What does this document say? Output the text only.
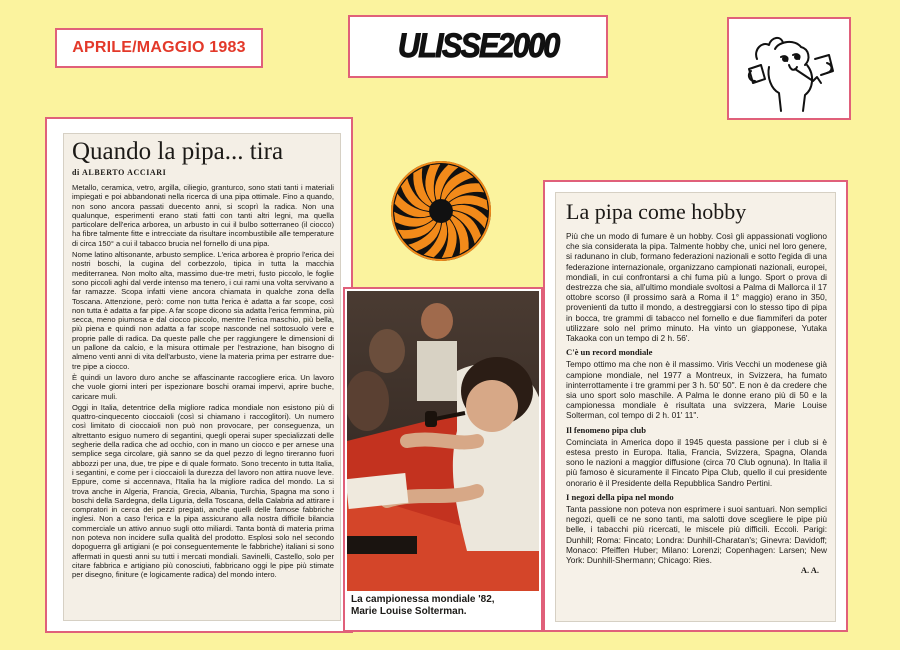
APRILE/MAGGIO 1983	ULISSE2000
Quando la pipa... tira
di ALBERTO ACCIARI

Metallo, ceramica, vetro, argilla, ciliegio, granturco, sono stati tanti i materiali impiegati e poi abbandonati nella ricerca di una pipa ottimale. Fino a quando, non sono ancora passati duecento anni, si scoprì la radica. Non una qualunque, esperimenti erano stati fatti con tanti altri legni, ma quella particolare dell'erica arborea, un arbusto in cui il bulbo sotterraneo (il ciocco) ha fibre talmente fitte e intrecciate da risultare incombustibile alle temperature di circa 150° a cui il tabacco brucia nel fornello di una pipa.

Nome latino altisonante, arbusto semplice. L'erica arborea è proprio l'erica dei nostri boschi, la cugina del corbezzolo, tipica in tutta la macchia mediterranea. Non molto alta, massimo due-tre metri, fusto piccolo, le foglie sono piccoli aghi dal verde intenso ma tenero, i cui rami una volta servivano a far ramazze. Scopa infatti viene ancora chiamata in qualche zona della Toscana. Attenzione, però: come non tutta l'erica è adatta a far scope, così non tutta è adatta a far pipe. A far scope dicono sia adatta l'erica femmina, più secca, meno piumosa e dal ciocco piccolo, mentre l'erica maschio, più bella, più piena e quindi non adatta a far scope nasconde nel sottosuolo vere e proprie palle di radica. Da queste palle che per raggiungere le dimensioni di un pallone da calcio, e la misura ottimale per l'estrazione, han bisogno di almeno venti anni di vita dell'arbusto, viene la materia prima per estrarre due-tre pipe a ciocco.

È quindi un lavoro duro anche se affascinante raccogliere erica. Un lavoro che vuole giorni interi per ispezionare boschi oramai impervi, aprire buche, caricare muli.

Oggi in Italia, detentrice della migliore radica mondiale non esistono più di quattro-cinquecento cioccaioli (così si chiamano i raccoglitori). Un numero così limitato di cioccaioli non può non provocare, per conseguenza, un altrettanto esiguo numero di segantini, quegli operai super specializzati delle segherie della radica che ad occhio, con in mano un ciocco e per arnese una semplice sega circolare, già sanno se da quel pezzo di legno tireranno fuori abbozzi per una, due, tre pipe e di quale formato. Sono trecento in tutta Italia, i segantini, e come per i cioccaioli la durezza del lavoro non attira nuove leve. Eppure, come si accennava, l'Italia ha la migliore radica del mondo. La si trova anche in Algeria, Francia, Grecia, Albania, Turchia, Spagna ma sono i boschi della Sardegna, della Liguria, della Toscana, della Calabria ad attirare i compratori in cerca dei pezzi pregiati, anche quelli delle famose fabbriche inglesi. Non a caso l'erica e la pipa assicurano alla nostra difficile bilancia commerciale un attivo annuo sugli otto miliardi. Tanta bontà di materia prima non poteva non incidere sulla qualità del prodotto. Esplosi solo nel secondo dopoguerra gli artigiani (e poi conseguentemente le fabbriche) italiani si sono affermati in questi anni su tutti i mercati mondiali. Savinelli, Castello, solo per citare fabbrica e artigiano più conosciuti, fabbricano oggi le pipe più stimate per disegno, finiture (e logicamente radica) del mondo intero.

La campionessa mondiale '82,
Marie Louise Solterman.
La pipa come hobby

Più che un modo di fumare è un hobby. Così gli appassionati vogliono che sia considerata la pipa. Talmente hobby che, unici nel loro genere, si radunano in club, formano federazioni nazionali e sotto l'egida di una federazione internazionale, organizzano campionati nazionali, europei, mondiali, in cui confrontarsi a chi fuma più a lungo. Sport o prova di destrezza che sia, all'ultimo mondiale svoltosi a Palma di Mallorca il 17 ottobre scorso (il prossimo sarà a Roma il 1° maggio) erano in 350, provenienti da tutto il mondo, a destreggiarsi con lo stesso tipo di pipa in bocca, tre grammi di tabacco nel fornello e due fiammiferi da poter utilizzare solo nel primo minuto. Ha vinto un giapponese, Yutaka Takaoka con un tempo di 2 h. 56'.

C'è un record mondiale

Tempo ottimo ma che non è il massimo. Viris Vecchi un modenese già campione mondiale, nel 1977 a Montreux, in Svizzera, ha fumato ininterrottamente i tre grammi per 3 h. 50' 50". E non è da credere che sia uno sport solo maschile. A Palma le donne erano più di 50 e la campionessa mondiale è risultata una svizzera, Marie Louise Solterman, col tempo di 2 h. 01' 11".

Il fenomeno pipa club

Cominciata in America dopo il 1945 questa passione per i club si è estesa presto in Europa. Italia, Francia, Svizzera, Spagna, Olanda sono le nazioni a maggior diffusione (circa 70 Club ognuna). In Italia il più famoso è sicuramente il Fincato Pipa Club, quello il cui presidente onorario è il Presidente della Repubblica Sandro Pertini.

I negozi della pipa nel mondo

Tanta passione non poteva non esprimere i suoi santuari. Non semplici negozi, quelli ce ne sono tanti, ma salotti dove scegliere le pipe più belle, i tabacchi più ricercati, le miscele più difficili. Eccoli. Parigi: Dunhill; Roma: Fincato; Londra: Dunhill-Charatan's; Ginevra: Davidoff; Monaco: Pfeiffen Huber; Milano: Lorenzi; Copenhagen: Larsen; New York: Dunhill-Shermann; Chicago: Ries.

A. A.
